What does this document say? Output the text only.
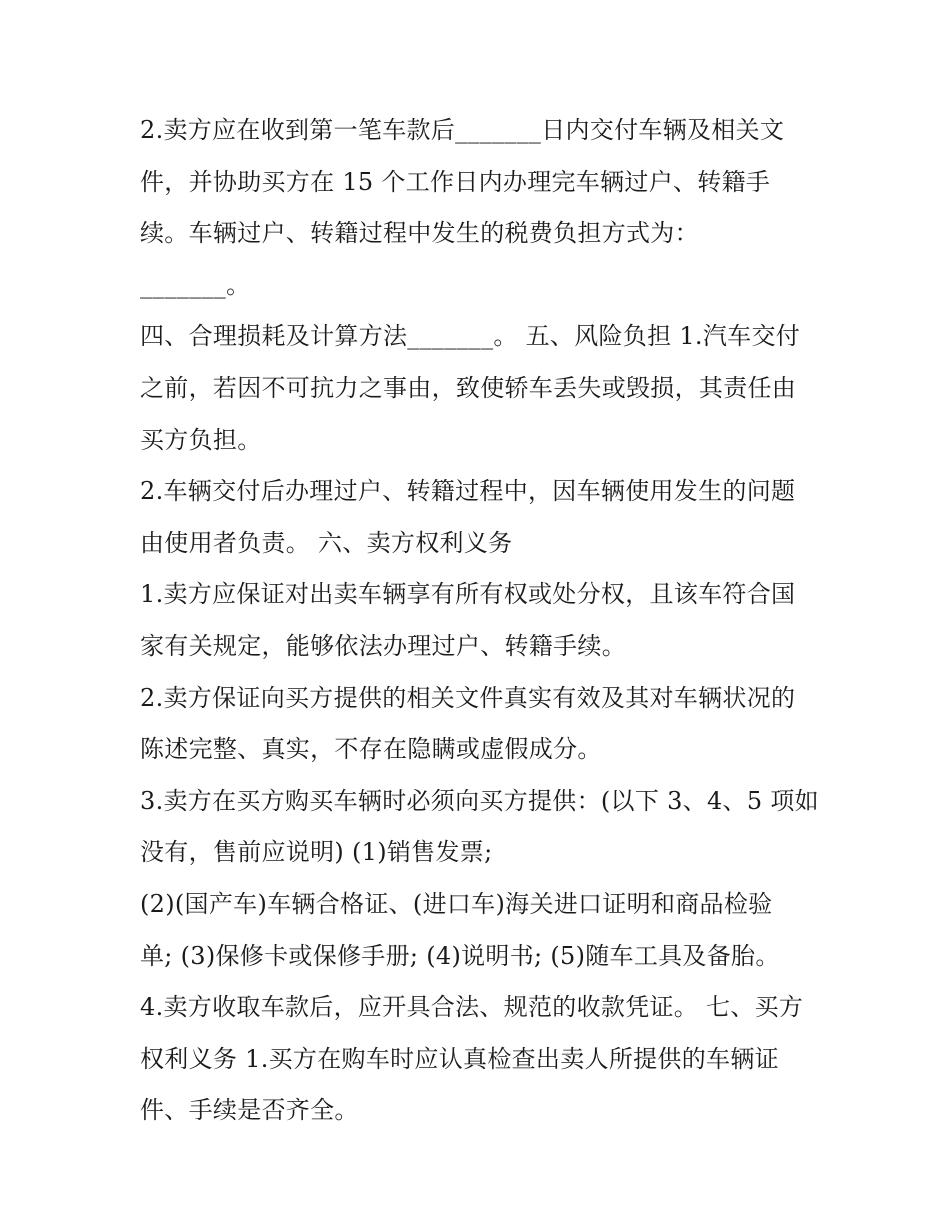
2.卖方应在收到第一笔车款后_______日内交付车辆及相关文
件，并协助买方在 15 个工作日内办理完车辆过户、转籍手
续。车辆过户、转籍过程中发生的税费负担方式为：
_______。
四、合理损耗及计算方法_______。 五、风险负担 1.汽车交付
之前，若因不可抗力之事由，致使轿车丢失或毁损，其责任由
买方负担。
2.车辆交付后办理过户、转籍过程中，因车辆使用发生的问题
由使用者负责。 六、卖方权利义务
1.卖方应保证对出卖车辆享有所有权或处分权，且该车符合国
家有关规定，能够依法办理过户、转籍手续。
2.卖方保证向买方提供的相关文件真实有效及其对车辆状况的
陈述完整、真实，不存在隐瞒或虚假成分。
3.卖方在买方购买车辆时必须向买方提供：(以下 3、4、5 项如
没有，售前应说明) (1)销售发票;
(2)(国产车)车辆合格证、(进口车)海关进口证明和商品检验
单; (3)保修卡或保修手册; (4)说明书; (5)随车工具及备胎。
4.卖方收取车款后，应开具合法、规范的收款凭证。 七、买方
权利义务 1.买方在购车时应认真检查出卖人所提供的车辆证
件、手续是否齐全。
